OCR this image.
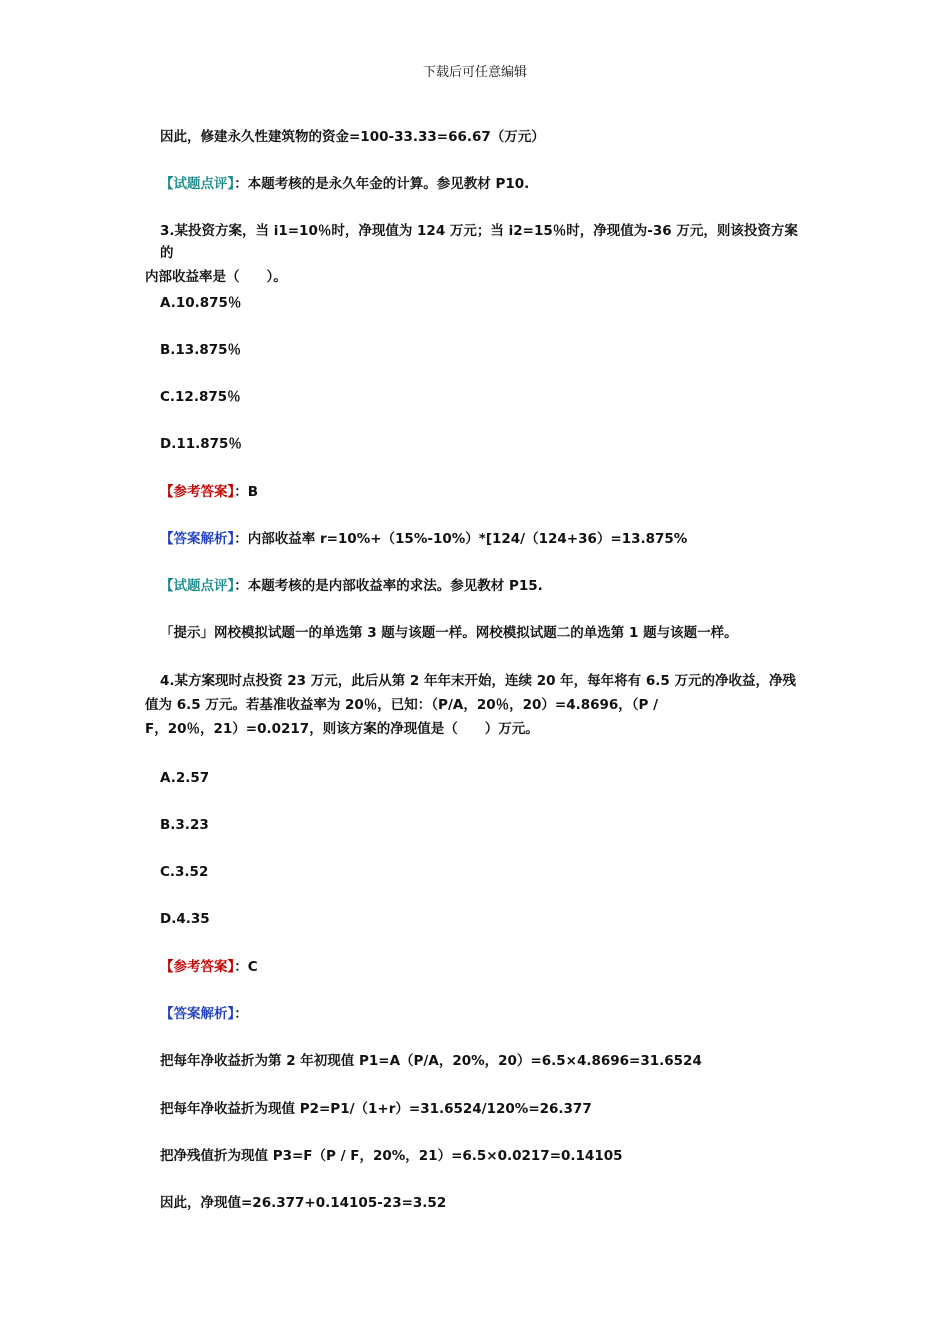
下载后可任意编辑
因此，修建永久性建筑物的资金=100-33.33=66.67（万元）
【试题点评】：本题考核的是永久年金的计算。参见教材 P10.
3.某投资方案，当 i1=10％时，净现值为 124 万元；当 i2=15％时，净现值为-36 万元，则该投资方案的
内部收益率是（　　）。
A.10.875％
B.13.875％
C.12.875％
D.11.875％
【参考答案】：B
【答案解析】：内部收益率 r=10%+（15%-10%）*[124/（124+36）=13.875%
【试题点评】：本题考核的是内部收益率的求法。参见教材 P15.
「提示」网校模拟试题一的单选第 3 题与该题一样。网校模拟试题二的单选第 1 题与该题一样。
4.某方案现时点投资 23 万元，此后从第 2 年年末开始，连续 20 年，每年将有 6.5 万元的净收益，净残
值为 6.5 万元。若基准收益率为 20％，已知：（P/A，20％，20）=4.8696，（P /
F，20％，21）=0.0217，则该方案的净现值是（　　）万元。
A.2.57
B.3.23
C.3.52
D.4.35
【参考答案】：C
【答案解析】：
把每年净收益折为第 2 年初现值 P1=A（P/A，20%，20）=6.5×4.8696=31.6524
把每年净收益折为现值 P2=P1/（1+r）=31.6524/120%=26.377
把净残值折为现值 P3=F（P / F，20%，21）=6.5×0.0217=0.14105
因此，净现值=26.377+0.14105-23=3.52
